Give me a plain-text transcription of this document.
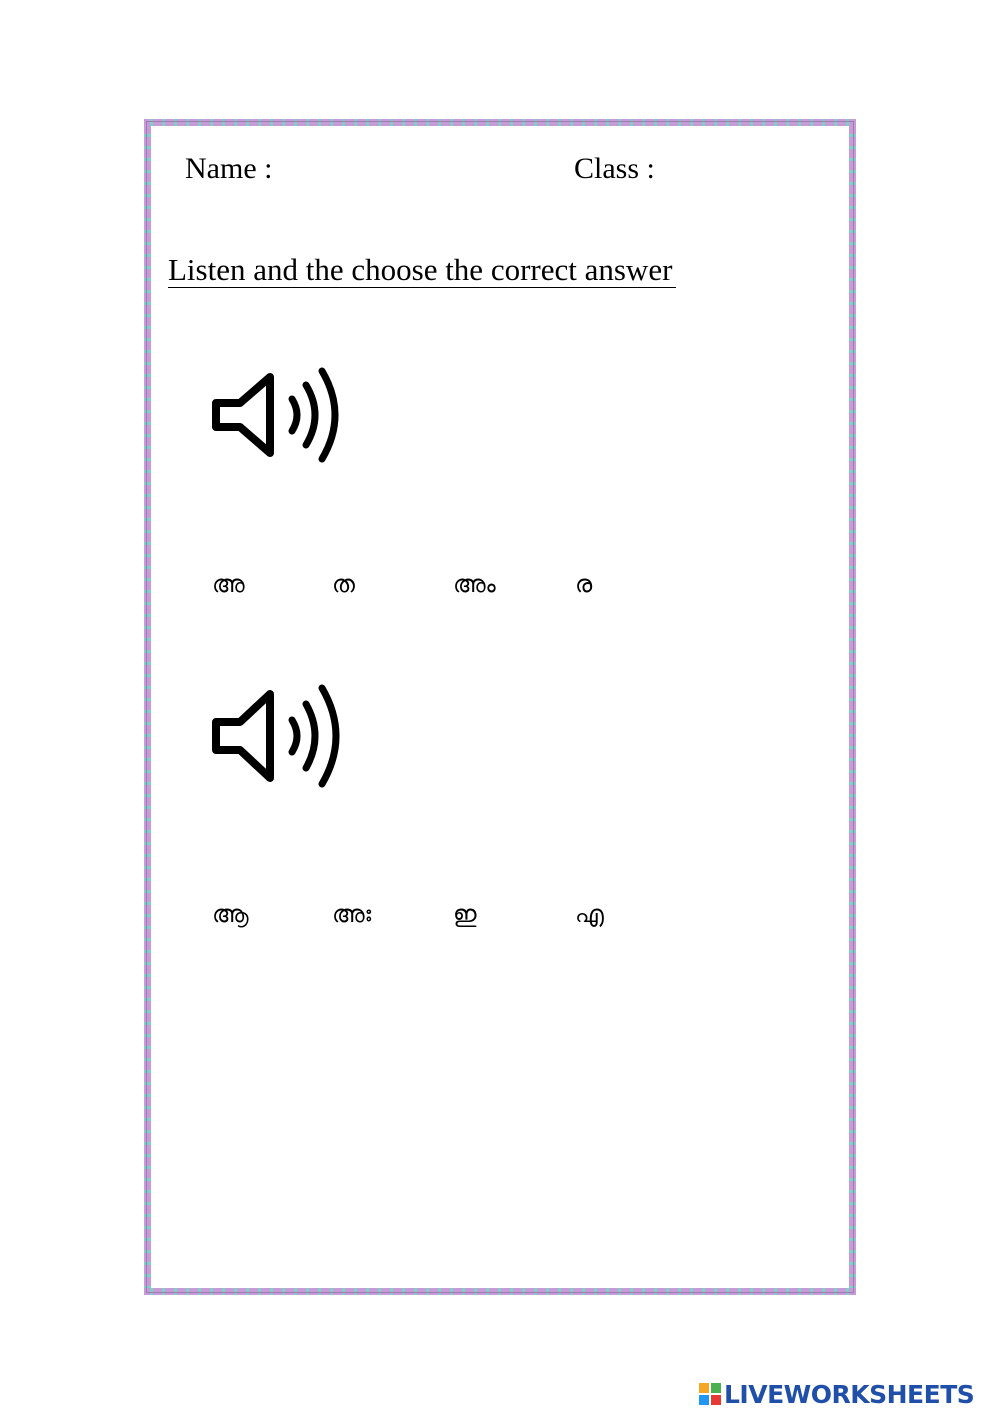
Name :	Class :
Listen and the choose the correct answer
അ	ത	അം	ര
ആ	അഃ	ഇ	എ
LIVEWORKSHEETS
